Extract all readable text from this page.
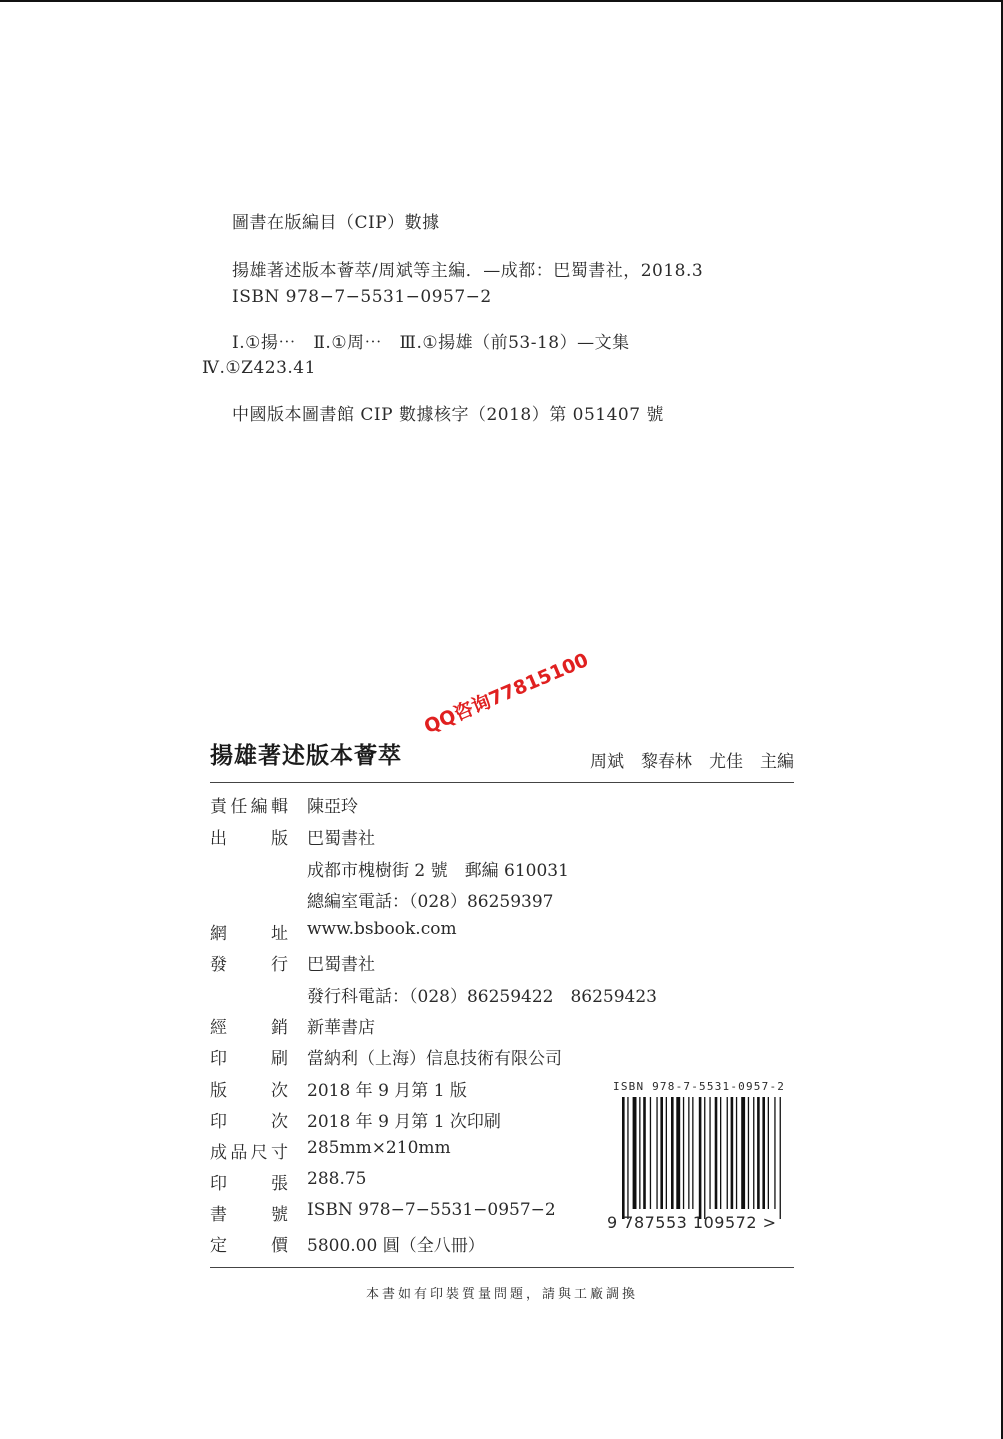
圖書在版編目（CIP）數據
揚雄著述版本薈萃/周斌等主編．—成都：巴蜀書社，2018.3
ISBN 978−7−5531−0957−2
Ⅰ.①揚⋯　Ⅱ.①周⋯　Ⅲ.①揚雄（前53-18）—文集
Ⅳ.①Z423.41
中國版本圖書館 CIP 數據核字（2018）第 051407 號
揚雄著述版本薈萃	周斌　黎春林　尤佳　主編
QQ咨询77815100
責 任 編 輯 陳亞玲
出	版 巴蜀書社
成都市槐樹街 2 號　郵編 610031
總編室電話：（028）86259397
網	址 www.bsbook.com
發	行 巴蜀書社
發行科電話：（028）86259422　86259423
經	銷 新華書店
印	刷 當納利（上海）信息技術有限公司
版	次 2018 年 9 月第 1 版
印	次 2018 年 9 月第 1 次印刷
成 品 尺 寸 285mm×210mm
印	張 288.75
書	號 ISBN 978−7−5531−0957−2
定	價 5800.00 圓（全八冊）
ISBN 978-7-5531-0957-2
9 787553 109572 >
本書如有印裝質量問題，請與工廠調換
